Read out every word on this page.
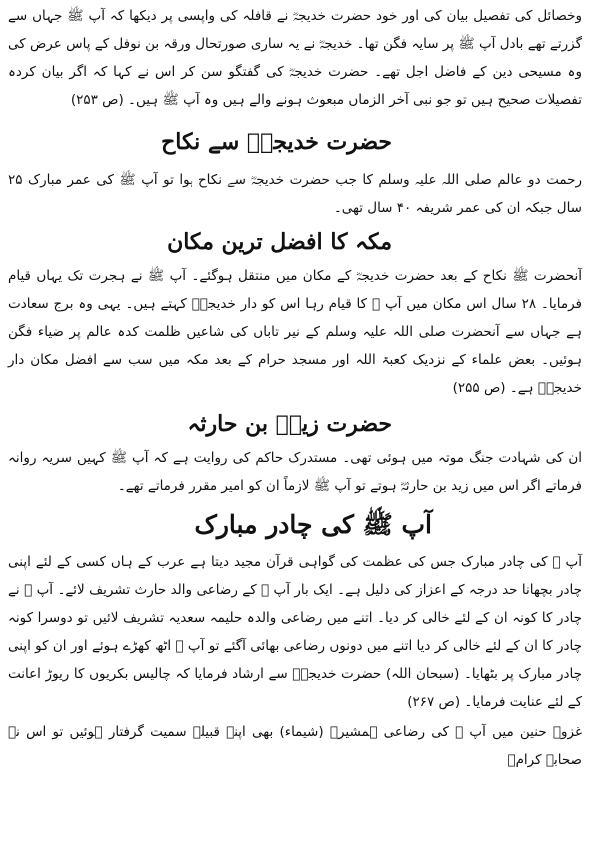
وخصائل کی تفصیل بیان کی اور خود حضرت خدیجہؓ نے قافلہ کی واپسی پر دیکھا کہ آپ ﷺ جہاں سے گزرتے تھے بادل آپ ﷺ پر سایہ فگن تھا۔ خدیجہؓ نے یہ ساری صورتحال ورقہ بن نوفل کے پاس عرض کی وہ مسیحی دین کے فاضل اجل تھے۔ حضرت خدیجہؓ کی گفتگو سن کر اس نے کہا کہ اگر بیان کردہ تفصیلات صحیح ہیں تو جو نبی آخر الزماں مبعوث ہونے والے ہیں وہ آپ ﷺ ہیں۔ (ص ۲۵۳)

حضرت خدیجہؓ سے نکاح

رحمت دو عالم صلی اللہ علیہ وسلم کا جب حضرت خدیجہؓ سے نکاح ہوا تو آپ ﷺ کی عمر مبارک ۲۵ سال جبکہ ان کی عمر شریفہ ۴۰ سال تھی۔

مکہ کا افضل ترین مکان

آنحضرت ﷺ نکاح کے بعد حضرت خدیجہؓ کے مکان میں منتقل ہوگئے۔ آپ ﷺ نے ہجرت تک یہاں قیام فرمایا۔ ۲۸ سال اس مکان میں آپ ﷺ کا قیام رہا اس کو دار خدیجہؓ کہتے ہیں۔ یہی وہ برج سعادت ہے جہاں سے آنحضرت صلی اللہ علیہ وسلم کے نیر تاباں کی شاعیں ظلمت کدہ عالم پر ضیاء فگن ہوئیں۔ بعض علماء کے نزدیک کعبۃ اللہ اور مسجد حرام کے بعد مکہ میں سب سے افضل مکان دار خدیجہؓ ہے۔ (ص ۲۵۵)

حضرت زیدؓ بن حارثہ

ان کی شہادت جنگ موتہ میں ہوئی تھی۔ مستدرک حاکم کی روایت ہے کہ آپ ﷺ کہیں سریہ روانہ فرماتے اگر اس میں زید بن حارثہؓ ہوتے تو آپ ﷺ لازماً ان کو امیر مقرر فرماتے تھے۔

آپ ﷺ کی چادر مبارک

آپ ﷺ کی چادر مبارک جس کی عظمت کی گواہی قرآن مجید دیتا ہے عرب کے ہاں کسی کے لئے اپنی چادر بچھانا حد درجہ کے اعزاز کی دلیل ہے۔ ایک بار آپ ﷺ کے رضاعی والد حارث تشریف لائے۔ آپ ﷺ نے چادر کا کونہ ان کے لئے خالی کر دیا۔ اتنے میں رضاعی والدہ حلیمہ سعدیہ تشریف لائیں تو دوسرا کونہ چادر کا ان کے لئے خالی کر دیا اتنے میں دونوں رضاعی بھائی آگئے تو آپ ﷺ اٹھ کھڑے ہوئے اور ان کو اپنی چادر مبارک پر بٹھایا۔ (سبحان اللہ) حضرت خدیجہؓ سے ارشاد فرمایا کہ چالیس بکریوں کا ریوڑ اعانت کے لئے عنایت فرمایا۔ (ص ۲۶۷)

غزوہ حنین میں آپ ﷺ کی رضاعی ہمشیرہ (شیماء) بھی اپنے قبیلہ سمیت گرفتار ہوئیں تو اس نے صحابہ کرامؓ
